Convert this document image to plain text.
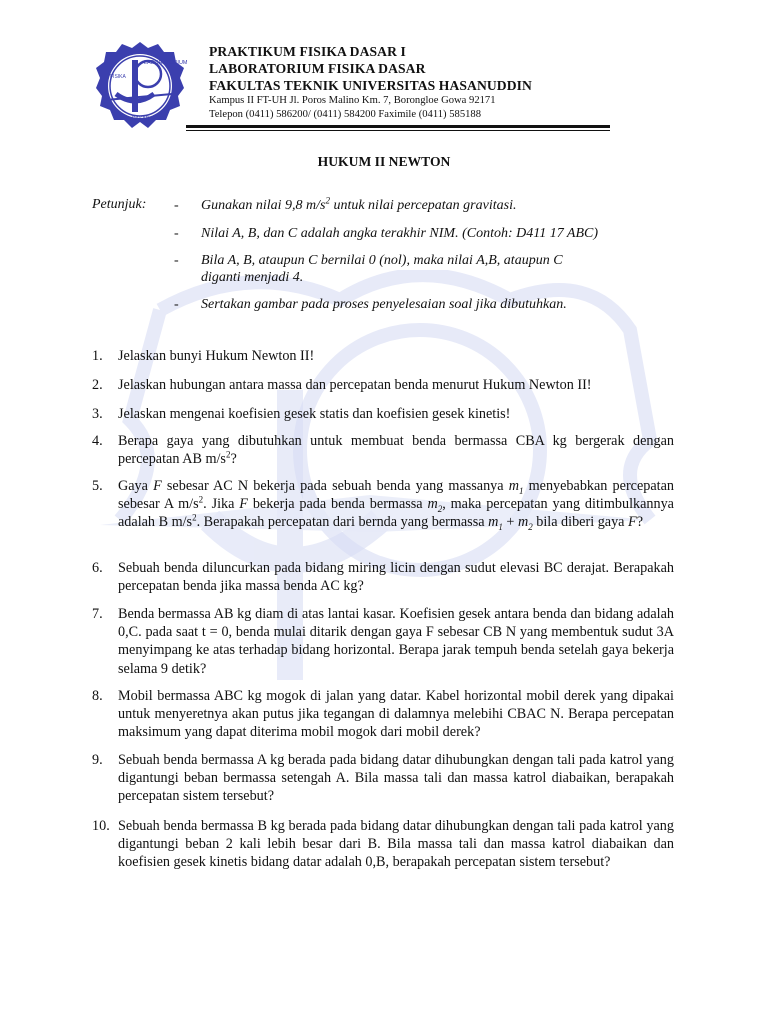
LABORATORIUM
FISIKA
DASAR
PRAKTIKUM FISIKA DASAR I
LABORATORIUM FISIKA DASAR
FAKULTAS TEKNIK UNIVERSITAS HASANUDDIN
Kampus II FT-UH Jl. Poros Malino Km. 7, Borongloe Gowa 92171
Telepon (0411) 586200/ (0411) 584200 Faximile (0411) 585188
HUKUM II NEWTON
Petunjuk: - Gunakan nilai 9,8 $m/s^2$ untuk nilai percepatan gravitasi.
- Nilai A, B, dan C adalah angka terakhir NIM. (Contoh: D411 17 ABC)
- Bila A, B, ataupun C bernilai 0 (nol), maka nilai A,B, ataupun C
diganti menjadi 4.
- Sertakan gambar pada proses penyelesaian soal jika dibutuhkan.
1. Jelaskan bunyi Hukum Newton II!
2. Jelaskan hubungan antara massa dan percepatan benda menurut Hukum Newton II!
3. Jelaskan mengenai koefisien gesek statis dan koefisien gesek kinetis!
4. Berapa gaya yang dibutuhkan untuk membuat benda bermassa CBA kg bergerak dengan percepatan AB $m/s^2$?
5. Gaya F sebesar AC N bekerja pada sebuah benda yang massanya $m_1$ menyebabkan percepatan sebesar A $m/s^2$. Jika F bekerja pada benda bermassa $m_2$, maka percepatan yang ditimbulkannya adalah B $m/s^2$. Berapakah percepatan dari bernda yang bermassa $m_1 + m_2$ bila diberi gaya F?
6. Sebuah benda diluncurkan pada bidang miring licin dengan sudut elevasi BC derajat. Berapakah percepatan benda jika massa benda AC kg?
7. Benda bermassa AB kg diam di atas lantai kasar. Koefisien gesek antara benda dan bidang adalah 0,C. pada saat t = 0, benda mulai ditarik dengan gaya F sebesar CB N yang membentuk sudut 3A menyimpang ke atas terhadap bidang horizontal. Berapa jarak tempuh benda setelah gaya bekerja selama 9 detik?
8. Mobil bermassa ABC kg mogok di jalan yang datar. Kabel horizontal mobil derek yang dipakai untuk menyeretnya akan putus jika tegangan di dalamnya melebihi CBAC N. Berapa percepatan maksimum yang dapat diterima mobil mogok dari mobil derek?
9. Sebuah benda bermassa A kg berada pada bidang datar dihubungkan dengan tali pada katrol yang digantungi beban bermassa setengah A. Bila massa tali dan massa katrol diabaikan, berapakah percepatan sistem tersebut?
10. Sebuah benda bermassa B kg berada pada bidang datar dihubungkan dengan tali pada katrol yang digantungi beban 2 kali lebih besar dari B. Bila massa tali dan massa katrol diabaikan dan koefisien gesek kinetis bidang datar adalah 0,B, berapakah percepatan sistem tersebut?
